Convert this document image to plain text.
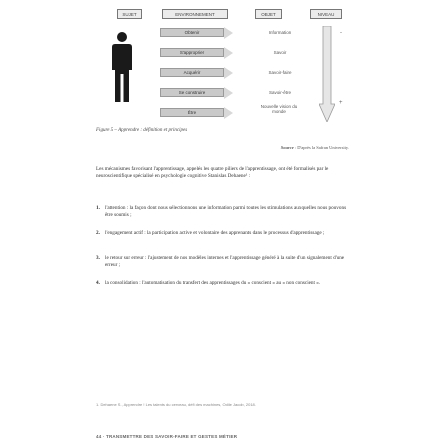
SUJET	ENVIRONNEMENT	OBJET	NIVEAU
Obtenir
S'approprier
Acquérir
Se construire
Être
Information
Savoir
Savoir-faire
Savoir-être
Nouvelle vision du monde
-
+
Figure 5 – Apprendre : définition et principes
Source : D'après la Safran University.
Les mécanismes favorisant l'apprentissage, appelés les quatre piliers de l'apprentissage, ont été formalisés par le neuroscientifique spécialisé en psychologie cognitive Stanislas Dehaene¹ :
1. l'attention : la façon dont nous sélectionnons une information parmi toutes les stimulations auxquelles nous pouvons être soumis ;
2. l'engagement actif : la participation active et volontaire des apprenants dans le processus d'apprentissage ;
3. le retour sur erreur : l'ajustement de nos modèles internes et l'apprentissage généré à la suite d'un signalement d'une erreur ;
4. la consolidation : l'automatisation du transfert des apprentissages du « conscient » au « non conscient ».
1. Dehaene S., Apprendre ! Les talents du cerveau, défi des machines, Odile Jacob, 2018.
44 · TRANSMETTRE DES SAVOIR-FAIRE ET GESTES MÉTIER
